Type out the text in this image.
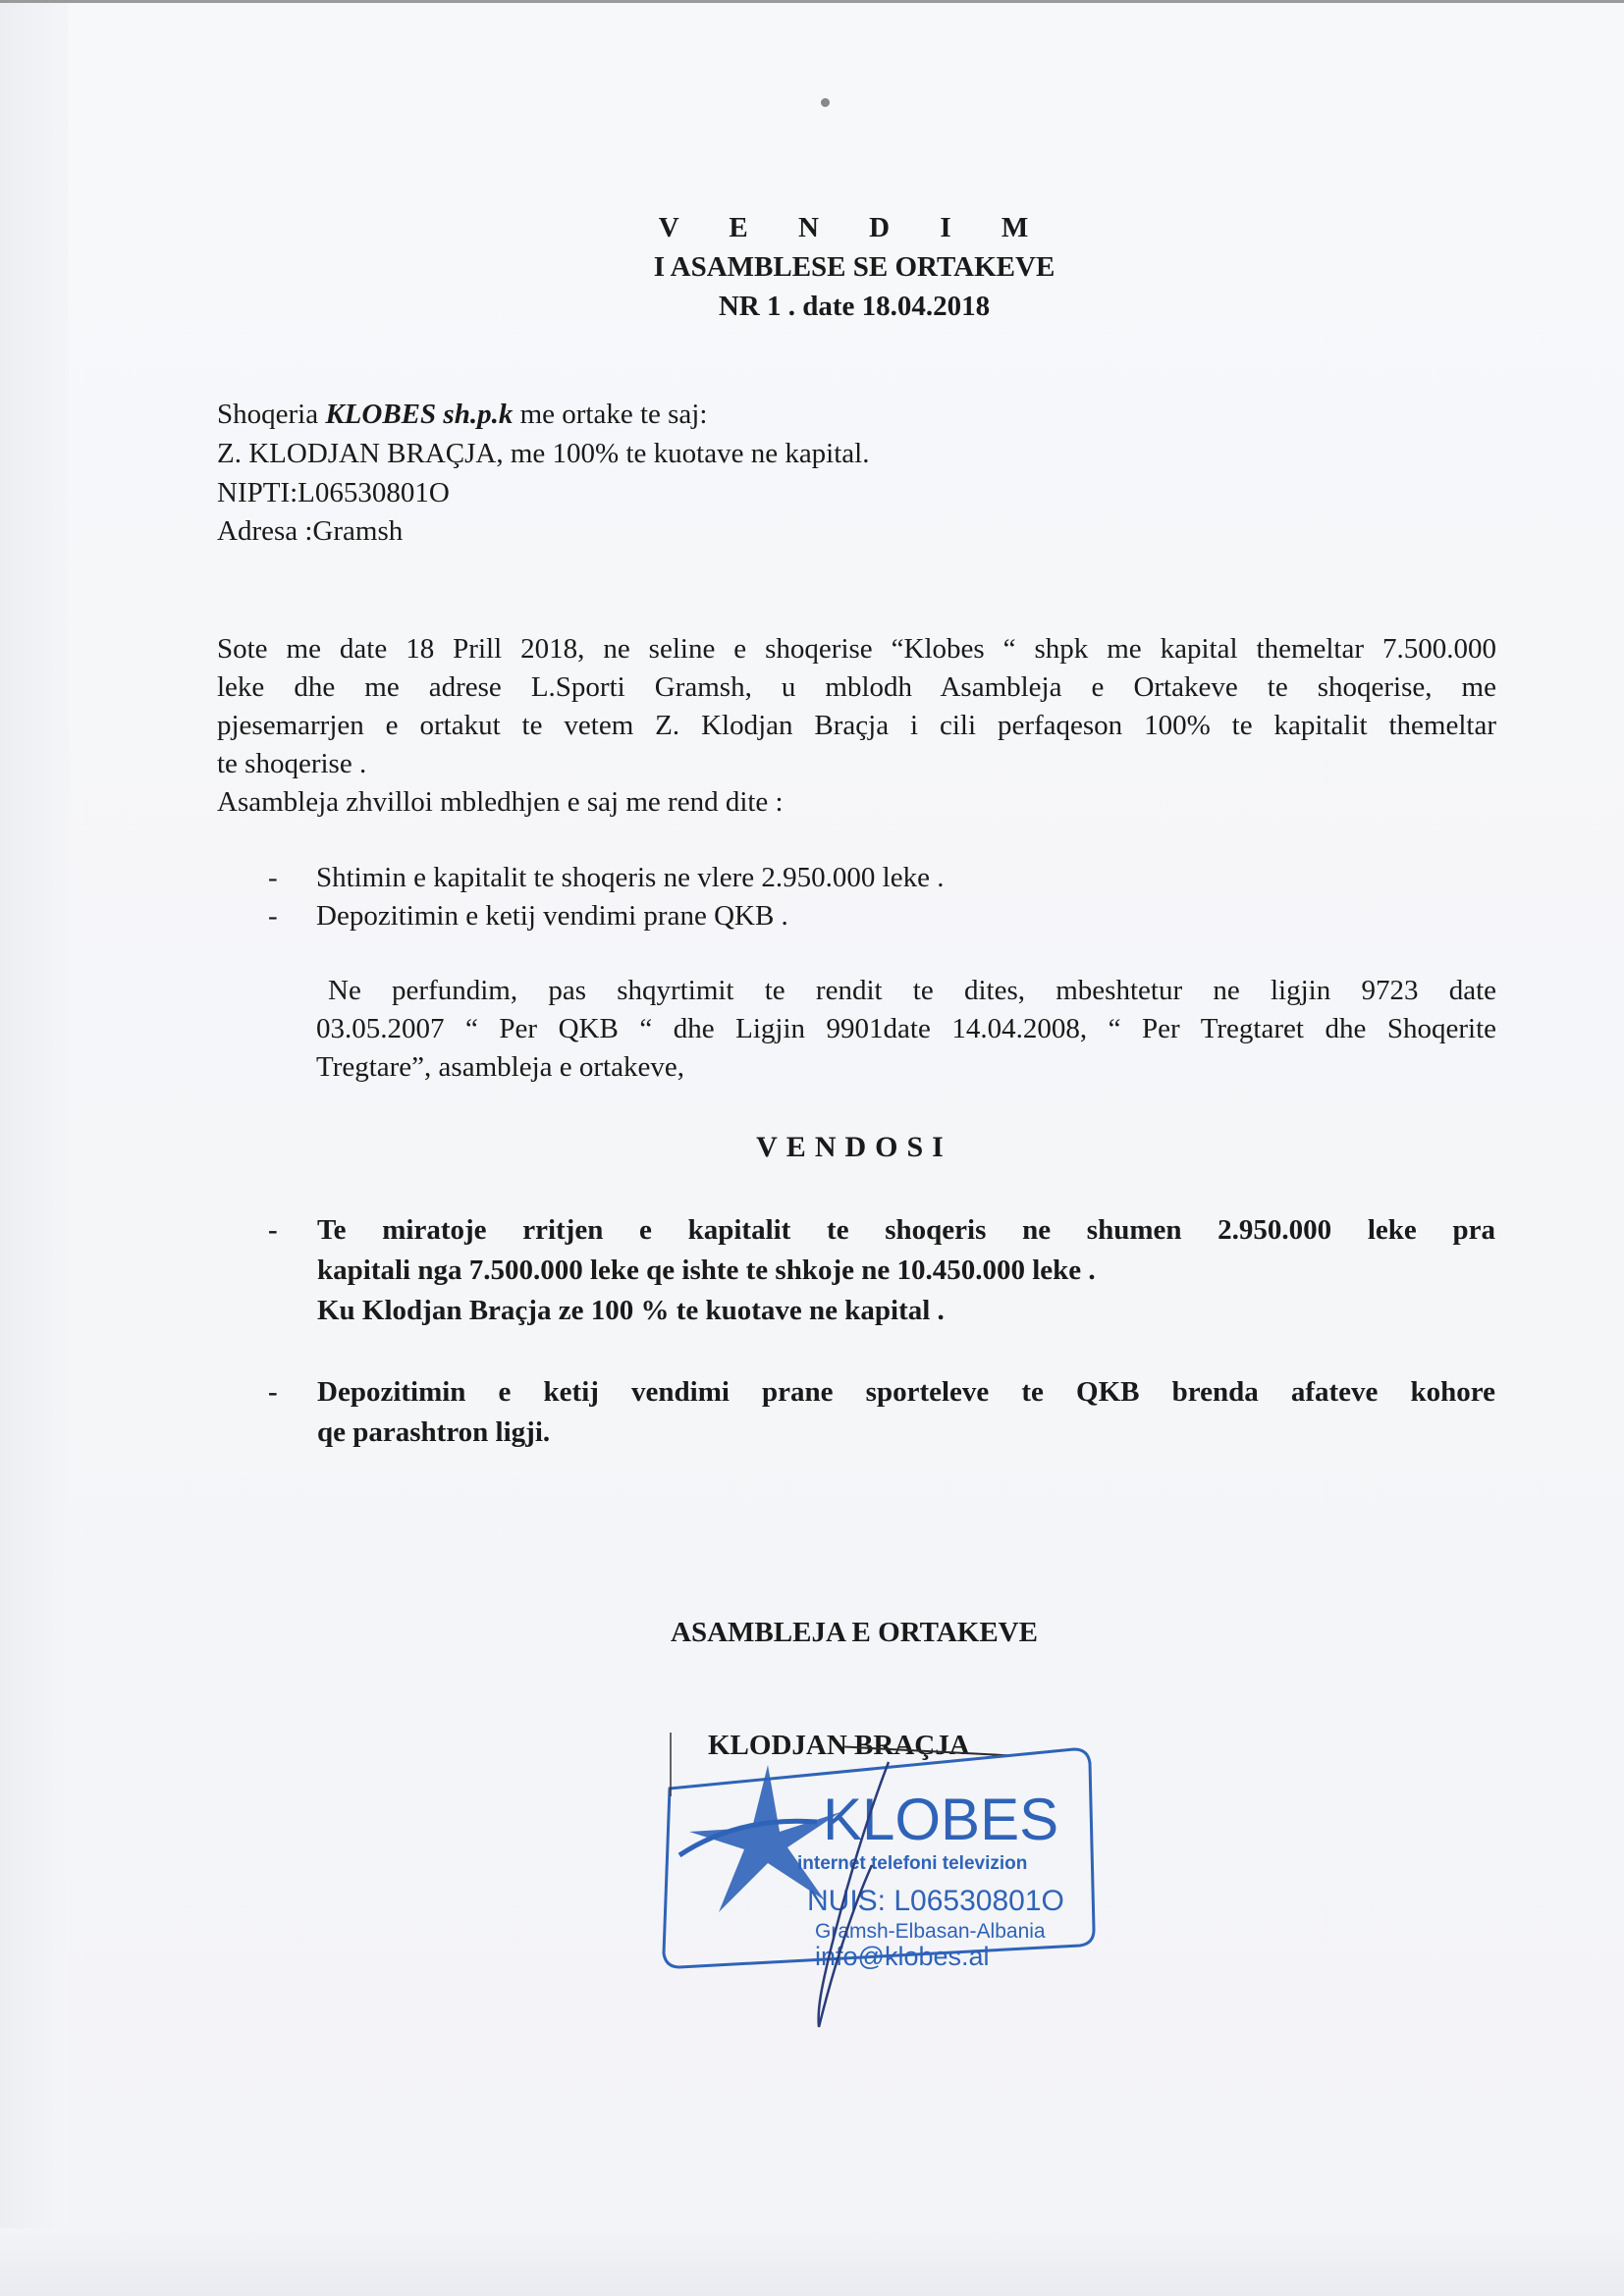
V E N D I M
I ASAMBLESE SE ORTAKEVE
NR 1 . date 18.04.2018
Shoqeria KLOBES sh.p.k me ortake te saj:
Z. KLODJAN BRAÇJA, me 100% te kuotave ne kapital.
NIPTI:L06530801O
Adresa :Gramsh
Sote me date 18 Prill 2018, ne seline e shoqerise “Klobes “ shpk me kapital themeltar 7.500.000
leke dhe me adrese L.Sporti Gramsh, u mblodh Asambleja e Ortakeve te shoqerise, me
pjesemarrjen e ortakut te vetem Z. Klodjan Braçja i cili perfaqeson 100% te kapitalit themeltar
te shoqerise .
Asambleja zhvilloi mbledhjen e saj me rend dite :
- Shtimin e kapitalit te shoqeris ne vlere 2.950.000 leke .
- Depozitimin e ketij vendimi prane QKB .
Ne perfundim, pas shqyrtimit te rendit te dites, mbeshtetur ne ligjin 9723 date
03.05.2007 “ Per QKB “ dhe Ligjin 9901date 14.04.2008, “ Per Tregtaret dhe Shoqerite
Tregtare”, asambleja e ortakeve,
VENDOSI
- Te miratoje rritjen e kapitalit te shoqeris ne shumen 2.950.000 leke pra
kapitali nga 7.500.000 leke qe ishte te shkoje ne 10.450.000 leke .
Ku Klodjan Braçja ze 100 % te kuotave ne kapital .
- Depozitimin e ketij vendimi prane sporteleve te QKB brenda afateve kohore
qe parashtron ligji.
ASAMBLEJA E ORTAKEVE
KLODJAN BRAÇJA
KLOBES
internet telefoni televizion
NUIS: L06530801O
Gramsh-Elbasan-Albania
info@klobes.al
